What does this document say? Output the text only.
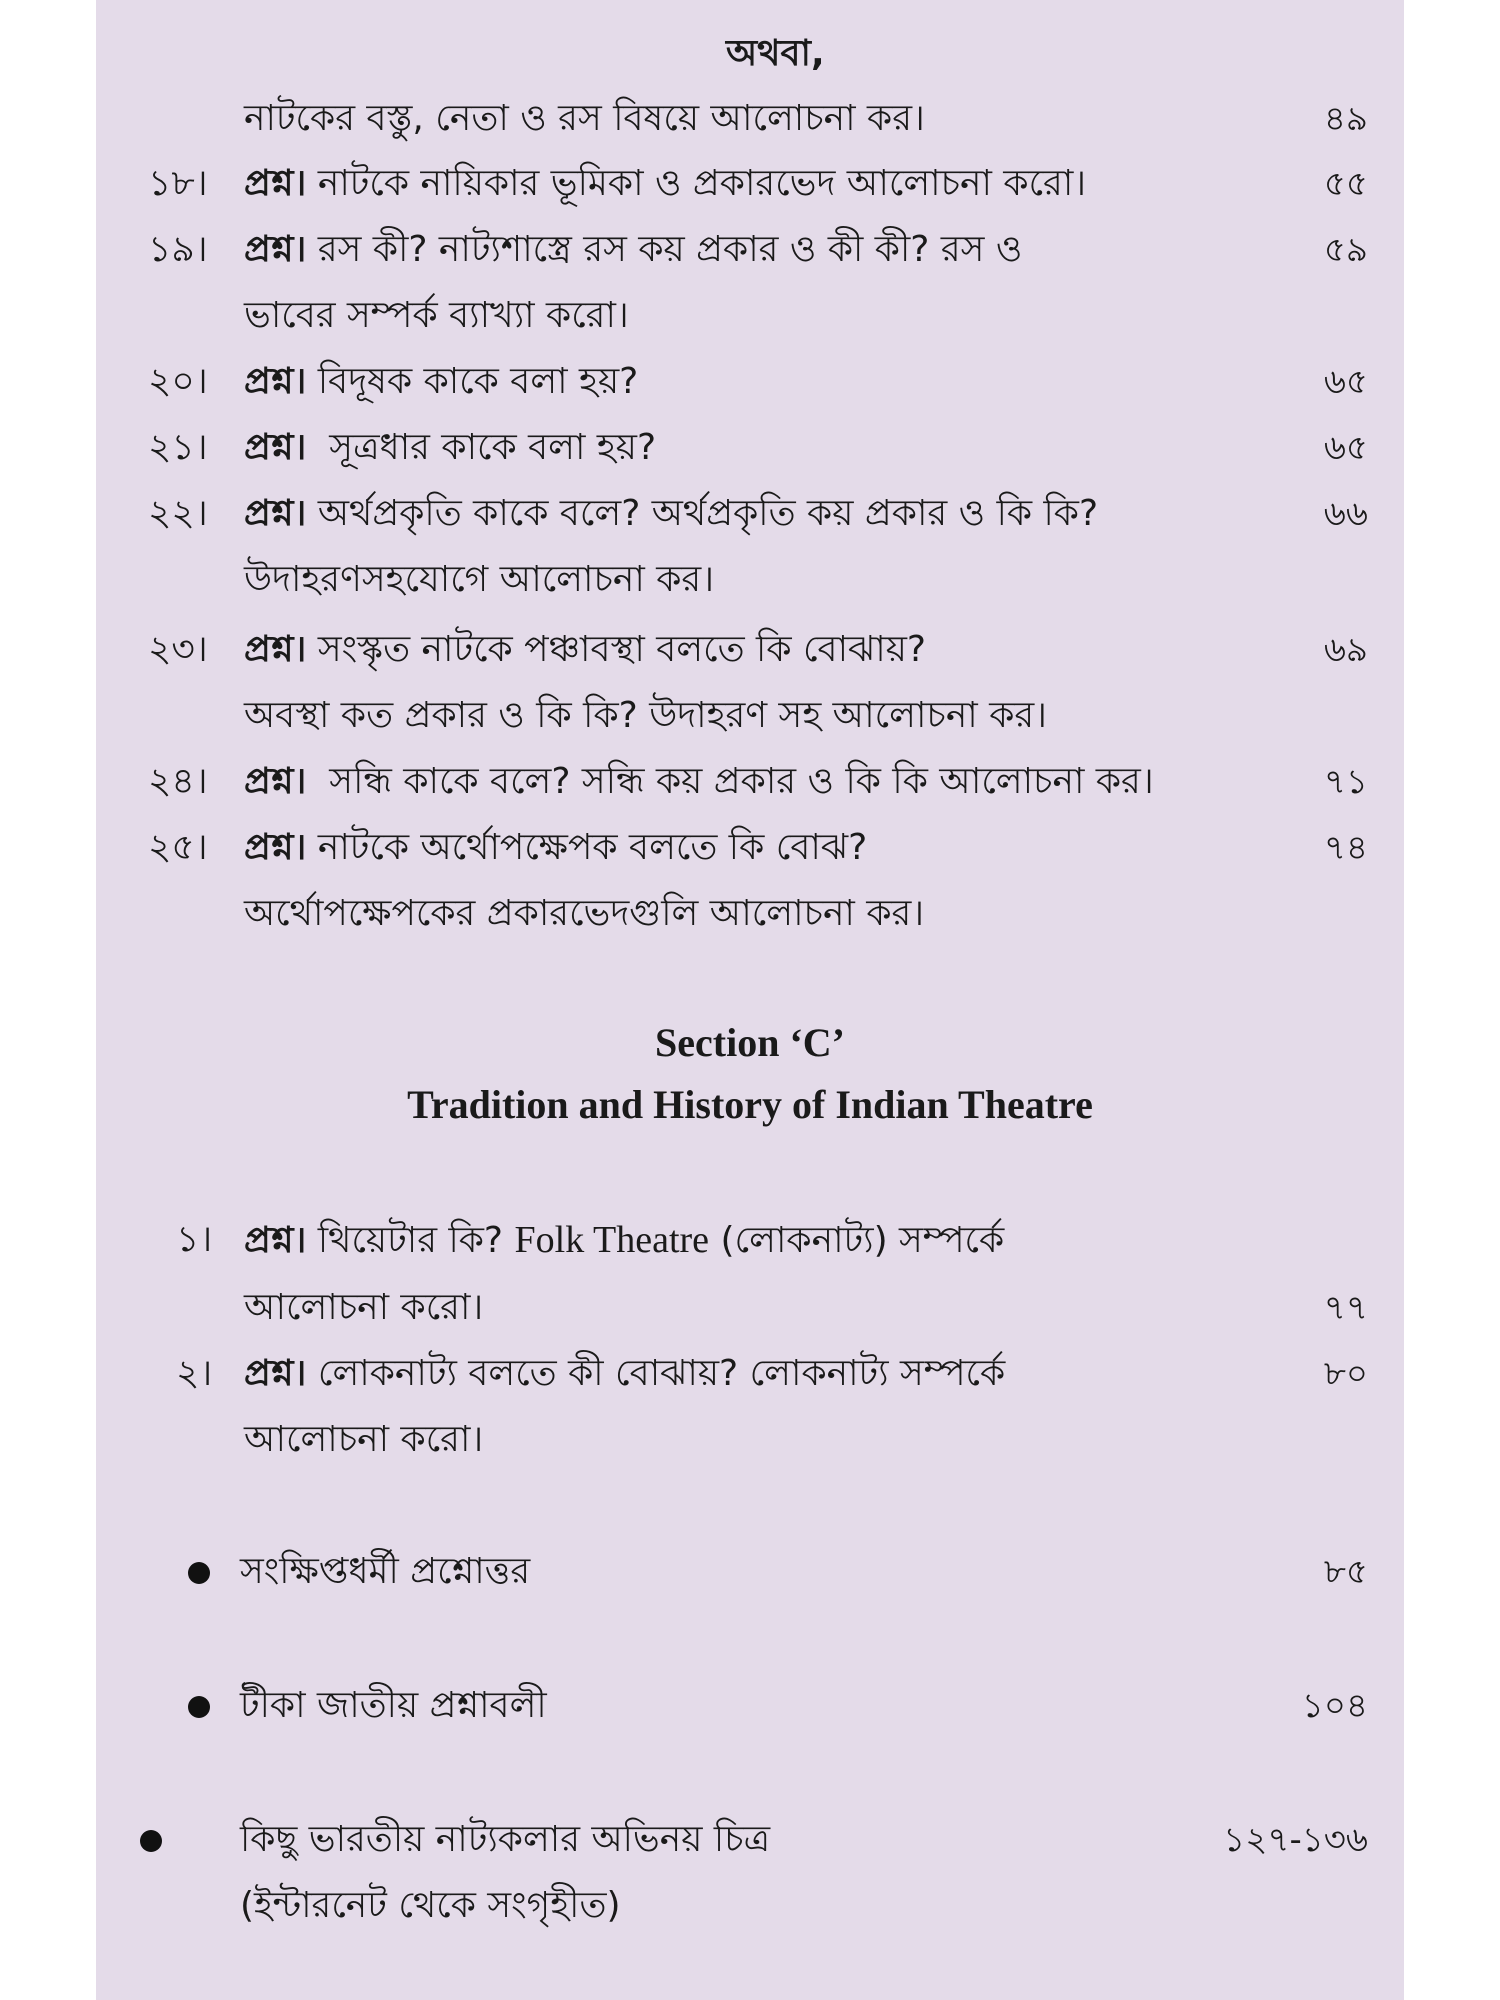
অথবা,
নাটকের বস্তু, নেতা ও রস বিষয়ে আলোচনা কর।	৪৯
১৮। প্রশ্ন। নাটকে নায়িকার ভূমিকা ও প্রকারভেদ আলোচনা করো।	৫৫
১৯। প্রশ্ন। রস কী? নাট্যশাস্ত্রে রস কয় প্রকার ও কী কী? রস ও	৫৯
ভাবের সম্পর্ক ব্যাখ্যা করো।
২০। প্রশ্ন। বিদূষক কাকে বলা হয়?	৬৫
২১। প্রশ্ন। সূত্রধার কাকে বলা হয়?	৬৫
২২। প্রশ্ন। অর্থপ্রকৃতি কাকে বলে? অর্থপ্রকৃতি কয় প্রকার ও কি কি?	৬৬
উদাহরণসহযোগে আলোচনা কর।
২৩। প্রশ্ন। সংস্কৃত নাটকে পঞ্চাবস্থা বলতে কি বোঝায়?	৬৯
অবস্থা কত প্রকার ও কি কি? উদাহরণ সহ আলোচনা কর।
২৪। প্রশ্ন। সন্ধি কাকে বলে? সন্ধি কয় প্রকার ও কি কি আলোচনা কর।	৭১
২৫। প্রশ্ন। নাটকে অর্থোপক্ষেপক বলতে কি বোঝ?	৭৪
অর্থোপক্ষেপকের প্রকারভেদগুলি আলোচনা কর।
Section ‘C’
Tradition and History of Indian Theatre
১। প্রশ্ন। থিয়েটার কি? Folk Theatre (লোকনাট্য) সম্পর্কে
আলোচনা করো।	৭৭
২। প্রশ্ন। লোকনাট্য বলতে কী বোঝায়? লোকনাট্য সম্পর্কে	৮০
আলোচনা করো।
সংক্ষিপ্তধর্মী প্রশ্নোত্তর	৮৫
টীকা জাতীয় প্রশ্নাবলী	১০৪
কিছু ভারতীয় নাট্যকলার অভিনয় চিত্র	১২৭-১৩৬
(ইন্টারনেট থেকে সংগৃহীত)
